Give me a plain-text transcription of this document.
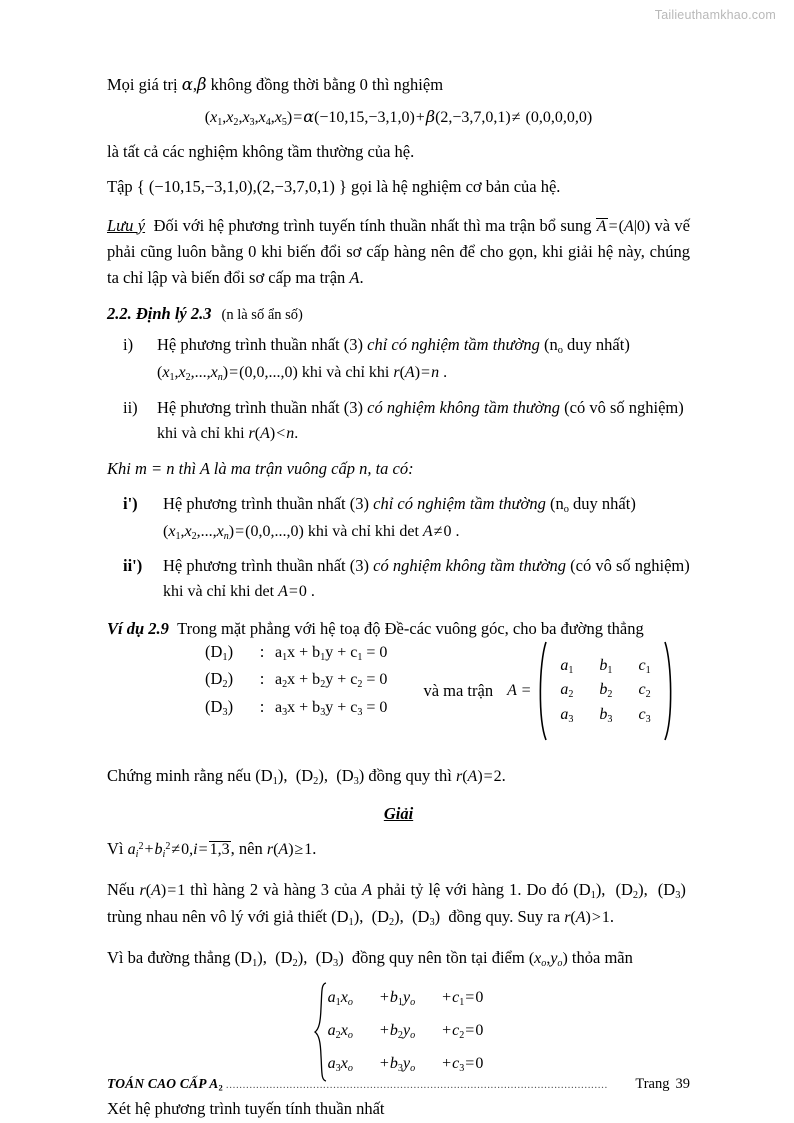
Tailieuthamkhao.com

Mọi giá trị α,β không đồng thời bằng 0 thì nghiệm

$(x_1,x_2,x_3,x_4,x_5)=\alpha(-10,15,-3,1,0)+\beta(2,-3,7,0,1)\ne (0,0,0,0,0)$

là tất cả các nghiệm không tầm thường của hệ.

Tập { (−10,15,−3,1,0),(2,−3,7,0,1) } gọi là hệ nghiệm cơ bản của hệ.

Lưu ý Đối với hệ phương trình tuyến tính thuần nhất thì ma trận bổ sung A =(A|0) và vế phải cũng luôn bằng 0 khi biến đổi sơ cấp hàng nên để cho gọn, khi giải hệ này, chúng ta chỉ lập và biến đổi sơ cấp ma trận A.

2.2. Định lý 2.3 (n là số ẩn số)
i)	Hệ phương trình thuần nhất (3) chỉ có nghiệm tầm thường ($n_o$ duy nhất)
$(x_1,x_2,...,x_n)=(0,0,...,0)$ khi và chỉ khi r(A)=n .
ii)	Hệ phương trình thuần nhất (3) có nghiệm không tầm thường (có vô số nghiệm)
khi và chỉ khi r(A)<n.
Khi m = n thì A là ma trận vuông cấp n, ta có:
i')	Hệ phương trình thuần nhất (3) chỉ có nghiệm tầm thường ($n_o$ duy nhất)
$(x_1,x_2,...,x_n)=(0,0,...,0)$ khi và chỉ khi det A≠0 .
ii')	Hệ phương trình thuần nhất (3) có nghiệm không tầm thường (có vô số nghiệm)
khi và chỉ khi det A=0 .
Ví dụ 2.9 Trong mặt phẳng với hệ toạ độ Đề-các vuông góc, cho ba đường thẳng
$(D_1)$ : $a_1x + b_1y + c_1 = 0$
$(D_2)$ : $a_2x + b_2y + c_2 = 0$
$(D_3)$ : $a_3x + b_3y + c_3 = 0$
và ma trận A =
$a_1$	$b_1$	$c_1$
$a_2$	$b_2$	$c_2$
$a_3$	$b_3$	$c_3$

Chứng minh rằng nếu $(D_1)$,  $(D_2)$,  $(D_3)$ đồng quy thì r(A)=2.

Giải

Vì $a_i^2+b_i^2\ne 0,i= 1,3$, nên r(A)≥1.

Nếu r(A)=1 thì hàng 2 và hàng 3 của A phải tỷ lệ với hàng 1. Do đó $(D_1)$,  $(D_2)$,  $(D_3)$  trùng nhau nên vô lý với giả thiết $(D_1)$,  $(D_2)$,  $(D_3)$  đồng quy. Suy ra r(A)>1.

Vì ba đường thẳng $(D_1)$,  $(D_2)$,  $(D_3)$  đồng quy nên tồn tại điểm $(x_o,y_o)$ thỏa mãn

$a_1x_o$	$+b_1y_o$	$+c_1=0$
$a_2x_o$	$+b_2y_o$	$+c_2=0$
$a_3x_o$	$+b_3y_o$	$+c_3=0$

Xét hệ phương trình tuyến tính thuần nhất

TOÁN CAO CẤP $A_2$ ..................................................................................................................	Trang 39
